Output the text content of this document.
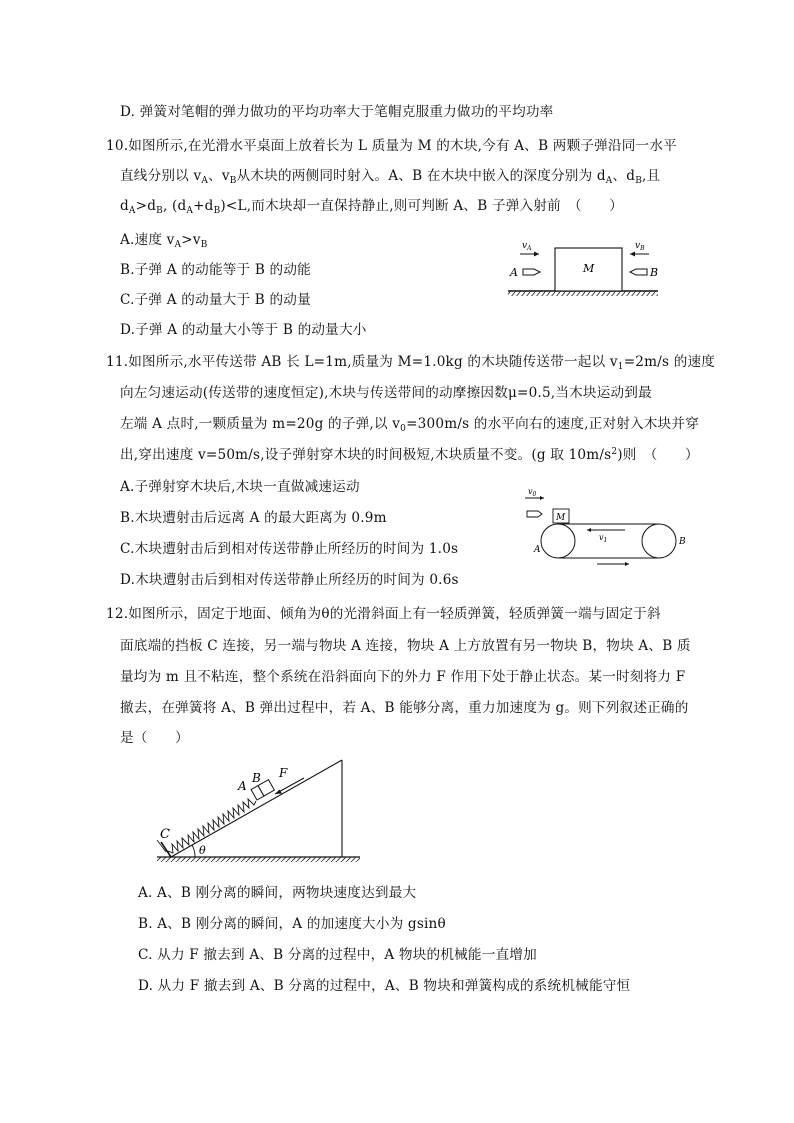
D. 弹簧对笔帽的弹力做功的平均功率大于笔帽克服重力做功的平均功率
10.如图所示,在光滑水平桌面上放着长为 L 质量为 M 的木块,今有 A、B 两颗子弹沿同一水平
直线分别以 $v_A$、$v_B$从木块的两侧同时射入。A、B 在木块中嵌入的深度分别为 $d_A$、$d_B$,且
$d_A>d_B$, $(d_A+d_B)<L$,而木块却一直保持静止,则可判断 A、B 子弹入射前　（　　）
A.速度 $v_A>v_B$
B.子弹 A 的动能等于 B 的动能
C.子弹 A 的动量大于 B 的动量
D.子弹 A 的动量大小等于 B 的动量大小
M
A
$v_A$
B
$v_B$
11.如图所示,水平传送带 AB 长 L=1m,质量为 M=1.0kg 的木块随传送带一起以 $v_1=2m/s$ 的速度
向左匀速运动(传送带的速度恒定),木块与传送带间的动摩擦因数μ=0.5,当木块运动到最
左端 A 点时,一颗质量为 m=20g 的子弹,以 $v_0=300m/s$ 的水平向右的速度,正对射入木块并穿
出,穿出速度 v=50m/s,设子弹射穿木块的时间极短,木块质量不变。(g 取 $10m/s^2$)则　（　　）
A.子弹射穿木块后,木块一直做减速运动
B.木块遭射击后远离 A 的最大距离为 0.9m
C.木块遭射击后到相对传送带静止所经历的时间为 1.0s
D.木块遭射击后到相对传送带静止所经历的时间为 0.6s
$v_0$
M
$v_1$
A
B
12.如图所示，固定于地面、倾角为θ的光滑斜面上有一轻质弹簧，轻质弹簧一端与固定于斜
面底端的挡板 C 连接，另一端与物块 A 连接，物块 A 上方放置有另一物块 B，物块 A、B 质
量均为 m 且不粘连，整个系统在沿斜面向下的外力 F 作用下处于静止状态。某一时刻将力 F
撤去，在弹簧将 A、B 弹出过程中，若 A、B 能够分离，重力加速度为 g。则下列叙述正确的
是（　　）
C
θ
A
B F
A. A、B 刚分离的瞬间，两物块速度达到最大
B. A、B 刚分离的瞬间，A 的加速度大小为 gsinθ
C. 从力 F 撤去到 A、B 分离的过程中，A 物块的机械能一直增加
D. 从力 F 撤去到 A、B 分离的过程中，A、B 物块和弹簧构成的系统机械能守恒
